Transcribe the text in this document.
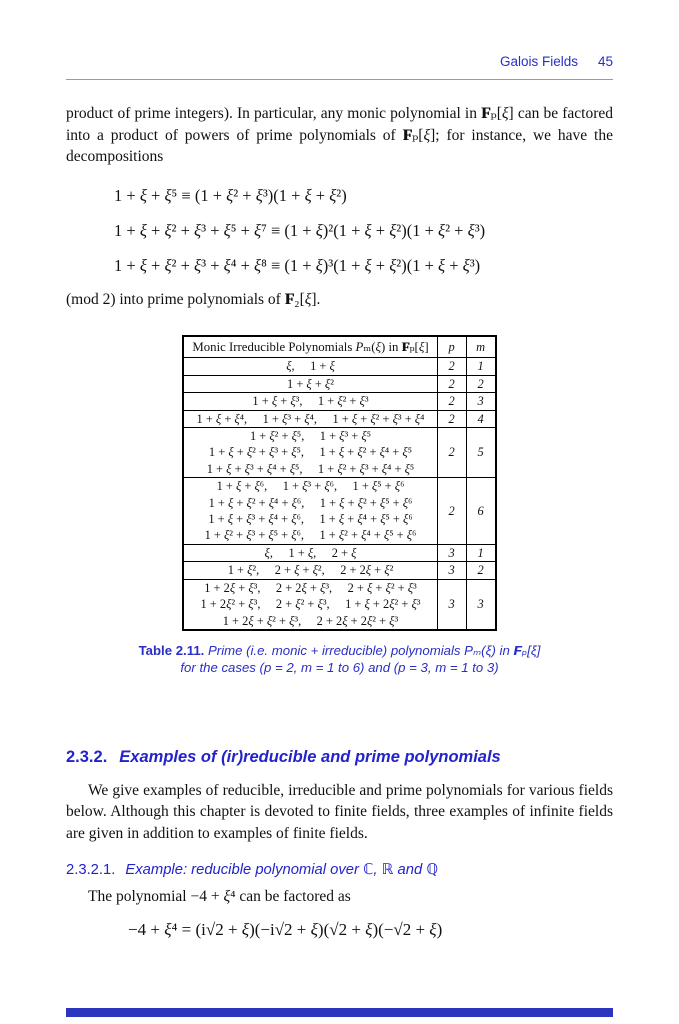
Galois Fields 45

product of prime integers). In particular, any monic polynomial in Fₚ[ξ] can be factored into a product of powers of prime polynomials of Fₚ[ξ]; for instance, we have the decompositions

1 + ξ + ξ⁵ ≡ (1 + ξ² + ξ³)(1 + ξ + ξ²)
1 + ξ + ξ² + ξ³ + ξ⁵ + ξ⁷ ≡ (1 + ξ)²(1 + ξ + ξ²)(1 + ξ² + ξ³)
1 + ξ + ξ² + ξ³ + ξ⁴ + ξ⁸ ≡ (1 + ξ)³(1 + ξ + ξ²)(1 + ξ + ξ³)

(mod 2) into prime polynomials of F₂[ξ].

Monic Irreducible Polynomials Pₘ(ξ) in Fₚ[ξ]	p	m

ξ,  1 + ξ	2	1

1 + ξ + ξ²	2	2

1 + ξ + ξ³,  1 + ξ² + ξ³	2	3

1 + ξ + ξ⁴,  1 + ξ³ + ξ⁴,  1 + ξ + ξ² + ξ³ + ξ⁴	2	4

1 + ξ² + ξ⁵,  1 + ξ³ + ξ⁵
1 + ξ + ξ² + ξ³ + ξ⁵,  1 + ξ + ξ² + ξ⁴ + ξ⁵
1 + ξ + ξ³ + ξ⁴ + ξ⁵,  1 + ξ² + ξ³ + ξ⁴ + ξ⁵	2	5

1 + ξ + ξ⁶,  1 + ξ³ + ξ⁶,  1 + ξ⁵ + ξ⁶
1 + ξ + ξ² + ξ⁴ + ξ⁶,  1 + ξ + ξ² + ξ⁵ + ξ⁶
1 + ξ + ξ³ + ξ⁴ + ξ⁶,  1 + ξ + ξ⁴ + ξ⁵ + ξ⁶
1 + ξ² + ξ³ + ξ⁵ + ξ⁶,  1 + ξ² + ξ⁴ + ξ⁵ + ξ⁶	2	6

ξ,  1 + ξ,  2 + ξ	3	1

1 + ξ²,  2 + ξ + ξ²,  2 + 2ξ + ξ²	3	2

1 + 2ξ + ξ³,  2 + 2ξ + ξ³,  2 + ξ + ξ² + ξ³
1 + 2ξ² + ξ³,  2 + ξ² + ξ³,  1 + ξ + 2ξ² + ξ³
1 + 2ξ + ξ² + ξ³,  2 + 2ξ + 2ξ² + ξ³	3	3
Table 2.11. Prime (i.e. monic + irreducible) polynomials Pₘ(ξ) in Fₚ[ξ]
for the cases (p = 2, m = 1 to 6) and (p = 3, m = 1 to 3)
2.3.2. Examples of (ir)reducible and prime polynomials

We give examples of reducible, irreducible and prime polynomials for various fields below. Although this chapter is devoted to finite fields, three examples of infinite fields are given in addition to examples of finite fields.

2.3.2.1. Example: reducible polynomial over ℂ, ℝ and ℚ

The polynomial −4 + ξ⁴ can be factored as

−4 + ξ⁴ = (i√2 + ξ)(−i√2 + ξ)(√2 + ξ)(−√2 + ξ)
